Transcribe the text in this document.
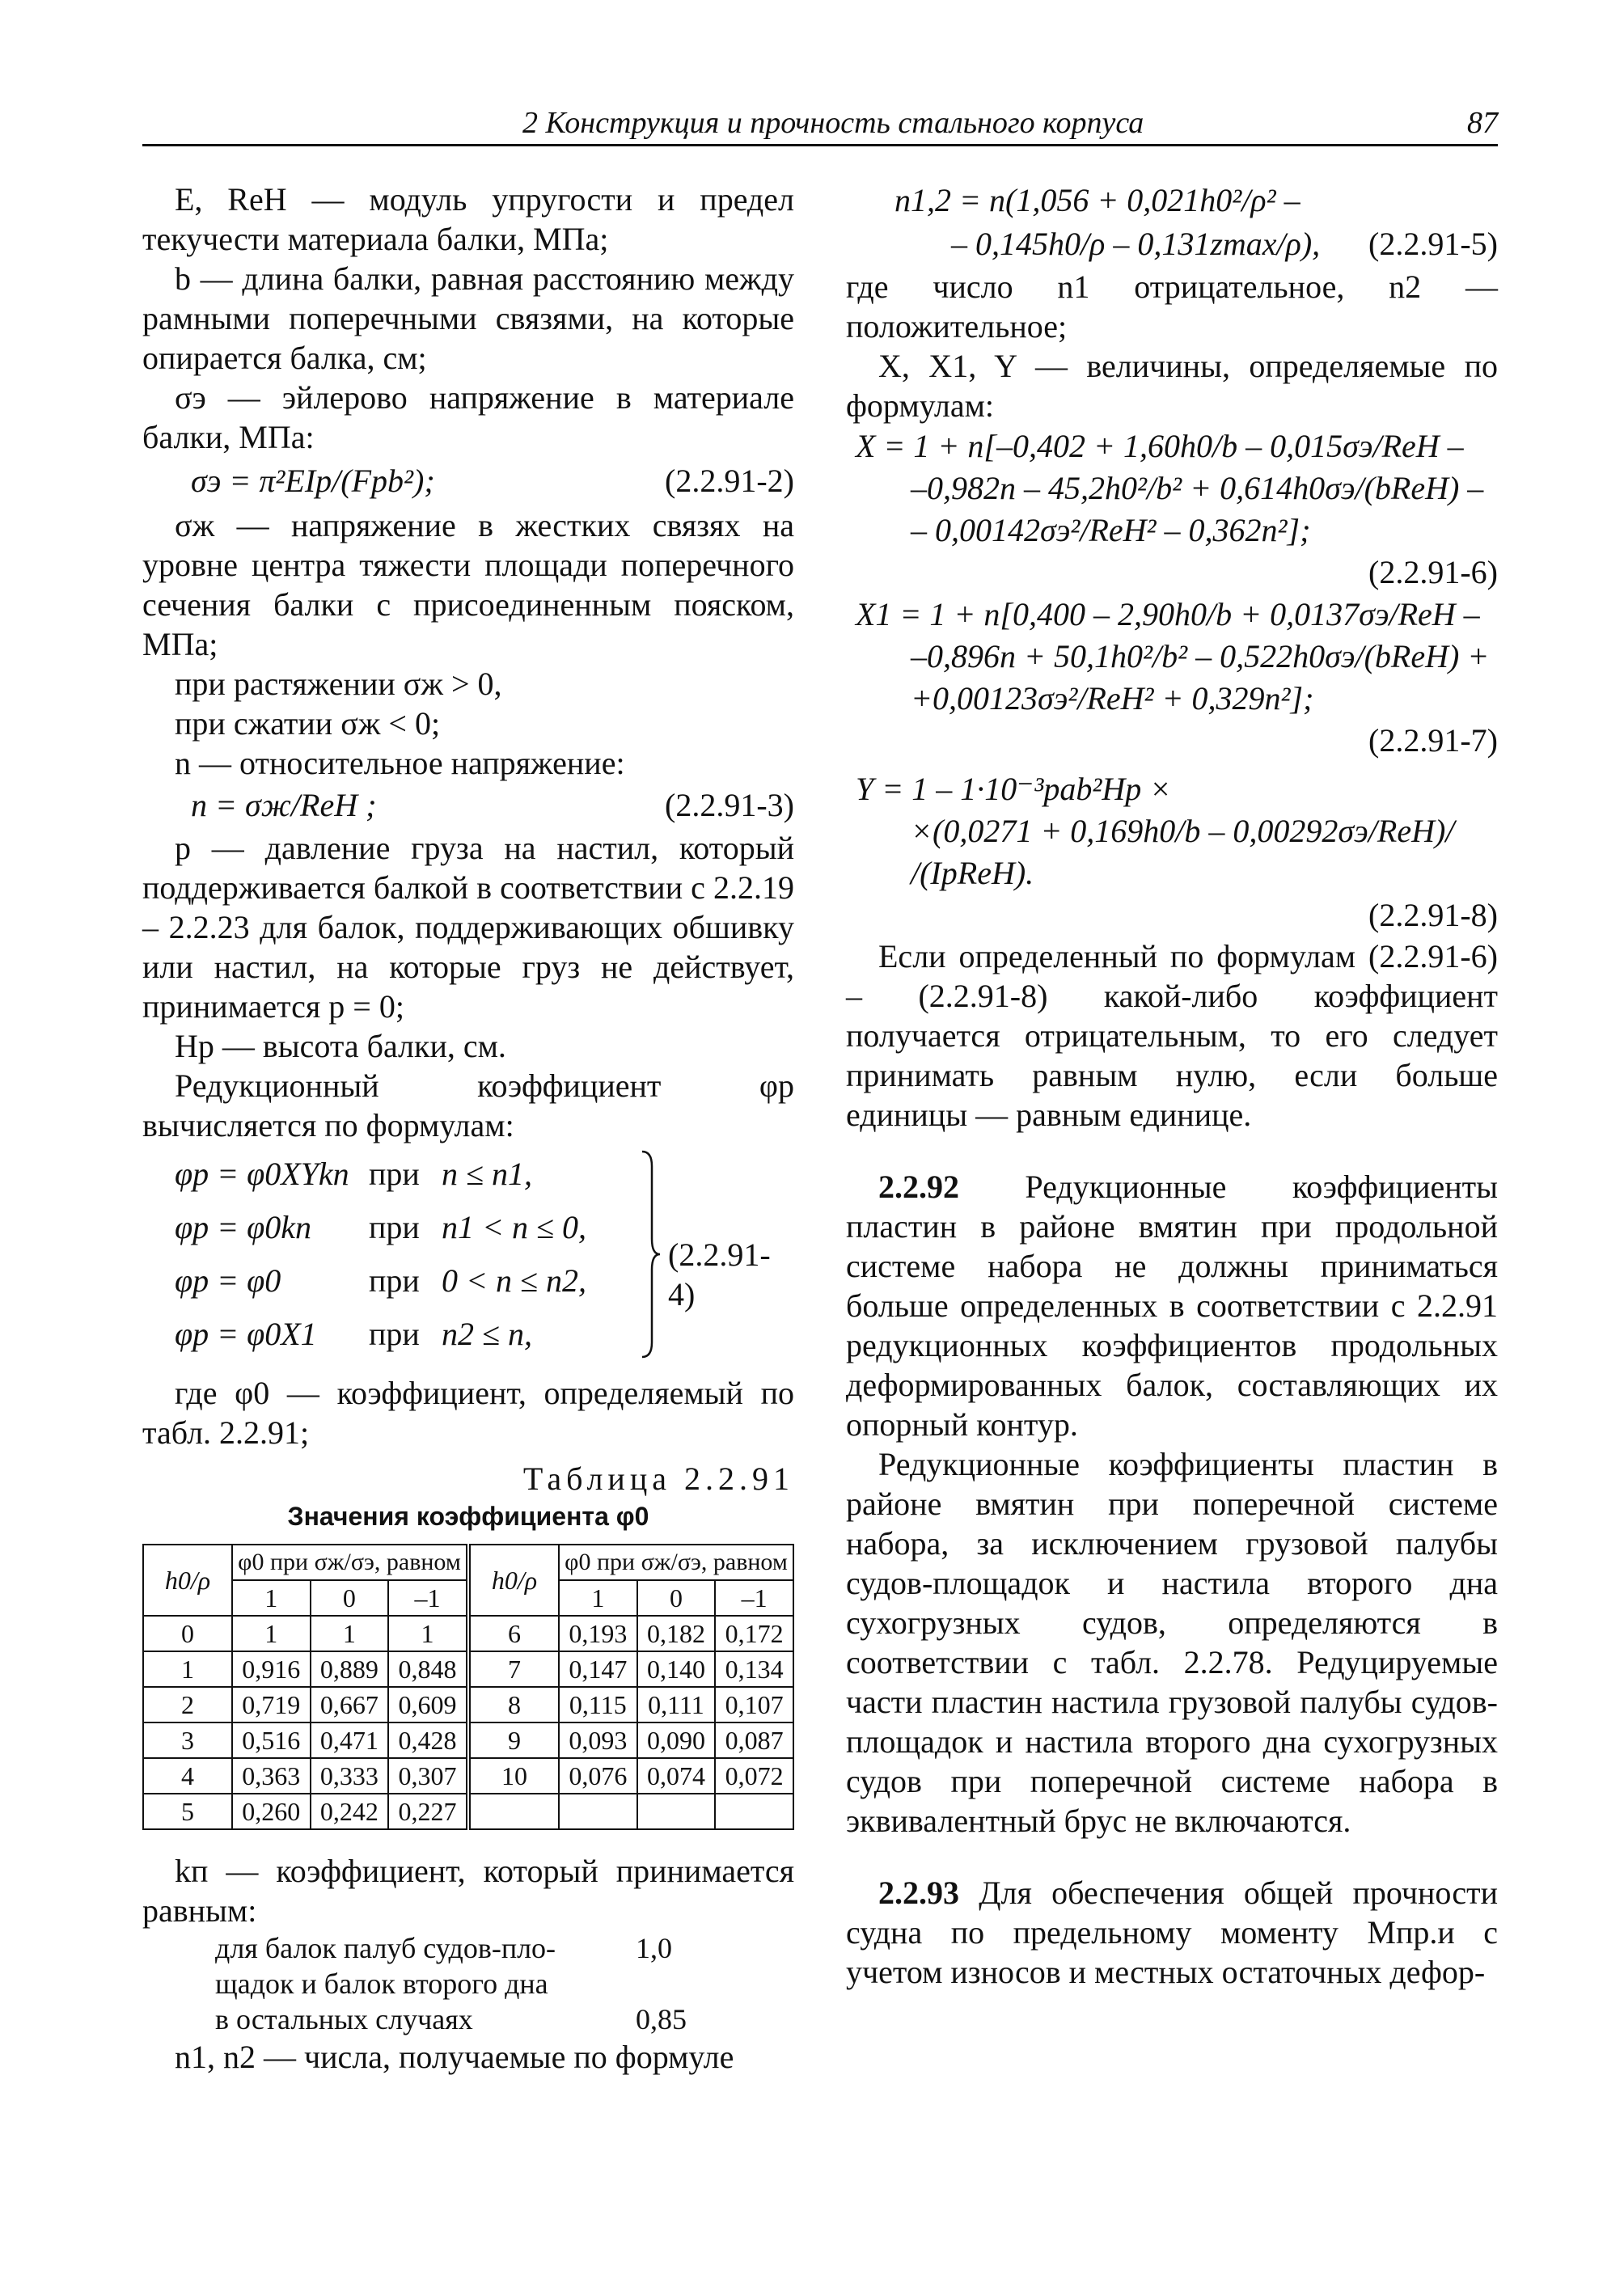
2 Конструкция и прочность стального корпуса	87

E, RеН — модуль упругости и предел текучести материала балки, МПа;

b — длина балки, равная расстоянию между рамными поперечными связями, на которые опирается балка, см;

σэ — эйлерово напряжение в материале балки, МПа:

σэ = π²EIр/(Fрb²);	(2.2.91-2)

σж — напряжение в жестких связях на уровне центра тяжести площади поперечного сечения балки с присоединенным пояском, МПа;

при растяжении σж > 0,

при сжатии σж < 0;

n — относительное напряжение:

n = σж/RеН ;	(2.2.91-3)

p — давление груза на настил, который поддерживается балкой в соответствии с 2.2.19 – 2.2.23 для балок, поддерживающих обшивку или настил, на которые груз не действует, принимается p = 0;

Hр — высота балки, см.

Редукционный коэффициент φр вычисляется по формулам:

φр = φ0XYkп при n ≤ n1,
φр = φ0kп при n1 < n ≤ 0,
φр = φ0	при 0 < n ≤ n2,
φр = φ0X1 при n2 ≤ n,
(2.2.91-4)

где φ0 — коэффициент, определяемый по табл. 2.2.91;

Таблица 2.2.91
Значения коэффициента φ0
h0/ρ	φ0 при σж/σэ, равном			h0/ρ	φ0 при σж/σэ, равном		
	1	0	–1		1	0	–1
0	1	1	1	6	0,193	0,182	0,172
1	0,916	0,889	0,848	7	0,147	0,140	0,134
2	0,719	0,667	0,609	8	0,115	0,111	0,107
3	0,516	0,471	0,428	9	0,093	0,090	0,087
4	0,363	0,333	0,307	10	0,076	0,074	0,072
5	0,260	0,242	0,227				

kп — коэффициент, который принимается равным:

для балок палуб судов-пло-	1,0
щадок и балок второго дна
в остальных случаях	0,85

n1, n2 — числа, получаемые по формуле

n1,2 = n(1,056 + 0,021h0²/ρ² –
– 0,145h0/ρ – 0,131zmax/ρ), (2.2.91-5)

где число n1 отрицательное, n2 — положительное;

X, X1, Y — величины, определяемые по формулам:

X = 1 + n[–0,402 + 1,60h0/b – 0,015σэ/RеН –
–0,982n – 45,2h0²/b² + 0,614h0σэ/(bRеН) –
– 0,00142σэ²/RеН² – 0,362n²];
(2.2.91-6)
X1 = 1 + n[0,400 – 2,90h0/b + 0,0137σэ/RеН –
–0,896n + 50,1h0²/b² – 0,522h0σэ/(bRеН) +
+0,00123σэ²/RеН² + 0,329n²];
(2.2.91-7)
Y = 1 – 1·10⁻³pab²Hр ×
×(0,0271 + 0,169h0/b – 0,00292σэ/RеН)/
/(IрRеН).
(2.2.91-8)

Если определенный по формулам (2.2.91-6) – (2.2.91-8) какой-либо коэффициент получается отрицательным, то его следует принимать равным нулю, если больше единицы — равным единице.

2.2.92 Редукционные коэффициенты пластин в районе вмятин при продольной системе набора не должны приниматься больше определенных в соответствии с 2.2.91 редукционных коэффициентов продольных деформированных балок, составляющих их опорный контур.

Редукционные коэффициенты пластин в районе вмятин при поперечной системе набора, за исключением грузовой палубы судов-площадок и настила второго дна сухогрузных судов, определяются в соответствии с табл. 2.2.78. Редуцируемые части пластин настила грузовой палубы судов-площадок и настила второго дна сухогрузных судов при поперечной системе набора в эквивалентный брус не включаются.

2.2.93 Для обеспечения общей прочности судна по предельному моменту Mпр.и с учетом износов и местных остаточных дефор-
